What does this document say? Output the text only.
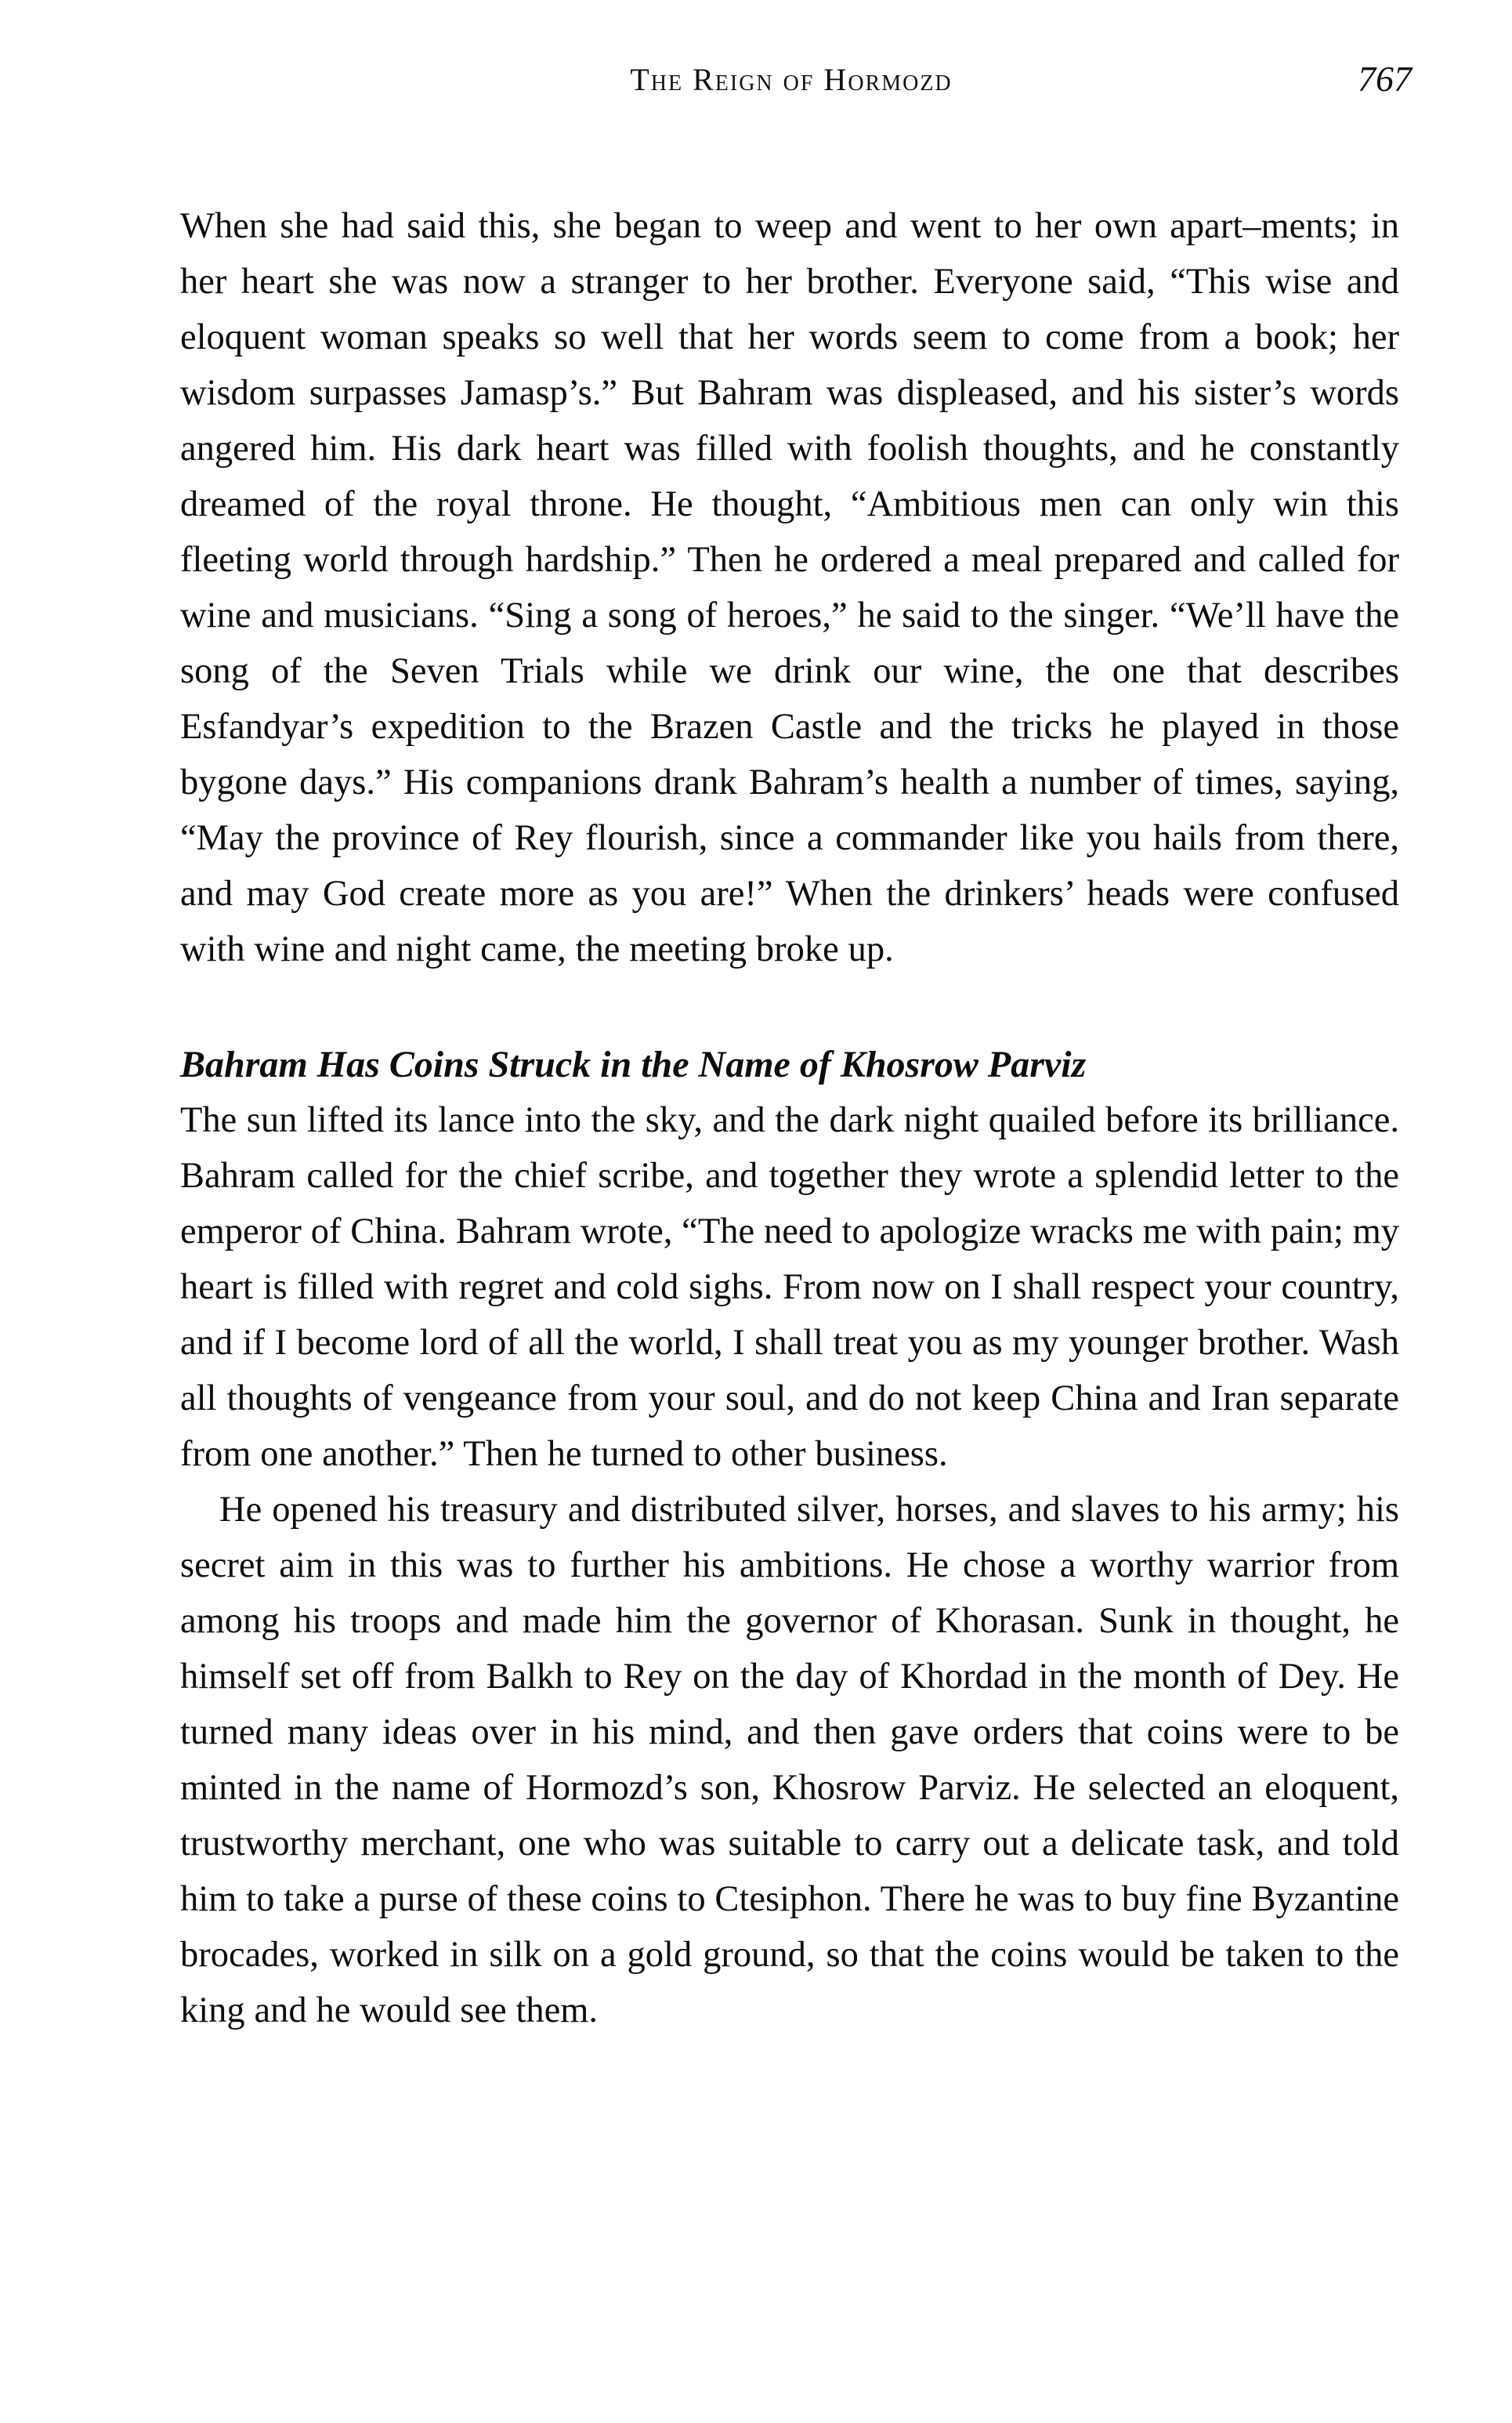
The Reign of Hormozd	767

When she had said this, she began to weep and went to her own apart–ments; in her heart she was now a stranger to her brother. Everyone said, “This wise and eloquent woman speaks so well that her words seem to come from a book; her wisdom surpasses Jamasp’s.” But Bahram was displeased, and his sister’s words angered him. His dark heart was filled with foolish thoughts, and he constantly dreamed of the royal throne. He thought, “Ambitious men can only win this fleeting world through hardship.” Then he ordered a meal prepared and called for wine and musicians. “Sing a song of heroes,” he said to the singer. “We’ll have the song of the Seven Trials while we drink our wine, the one that describes Esfandyar’s expedition to the Brazen Castle and the tricks he played in those bygone days.” His companions drank Bahram’s health a number of times, saying, “May the province of Rey flourish, since a commander like you hails from there, and may God create more as you are!” When the drinkers’ heads were confused with wine and night came, the meeting broke up.

Bahram Has Coins Struck in the Name of Khosrow Parviz

The sun lifted its lance into the sky, and the dark night quailed before its brilliance. Bahram called for the chief scribe, and together they wrote a splendid letter to the emperor of China. Bahram wrote, “The need to apologize wracks me with pain; my heart is filled with regret and cold sighs. From now on I shall respect your country, and if I become lord of all the world, I shall treat you as my younger brother. Wash all thoughts of vengeance from your soul, and do not keep China and Iran separate from one another.” Then he turned to other business.

He opened his treasury and distributed silver, horses, and slaves to his army; his secret aim in this was to further his ambitions. He chose a worthy warrior from among his troops and made him the governor of Khorasan. Sunk in thought, he himself set off from Balkh to Rey on the day of Khordad in the month of Dey. He turned many ideas over in his mind, and then gave orders that coins were to be minted in the name of Hormozd’s son, Khosrow Parviz. He selected an eloquent, trustworthy merchant, one who was suitable to carry out a delicate task, and told him to take a purse of these coins to Ctesiphon. There he was to buy fine Byzantine brocades, worked in silk on a gold ground, so that the coins would be taken to the king and he would see them.
